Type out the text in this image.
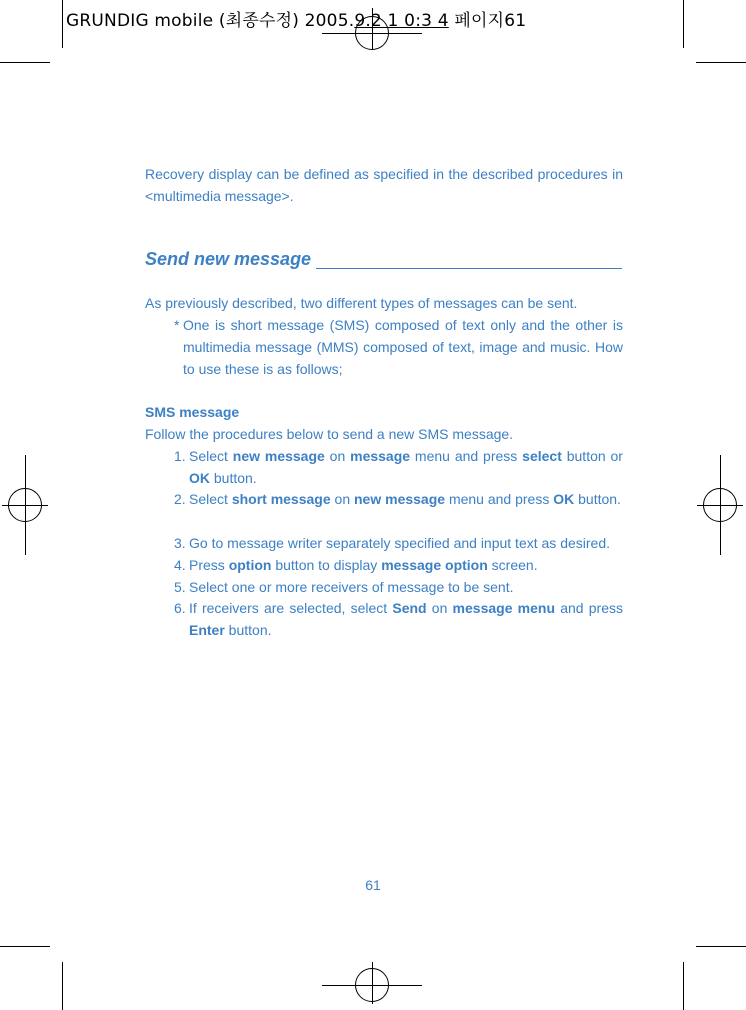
GRUNDIG mobile (최종수정) 2005.9.2 1 0:3 4 페이지61
Recovery display can be defined as specified in the described procedures in <multimedia message>.
Send new message
As previously described, two different types of messages can be sent.
* One is short message (SMS) composed of text only and the other is multimedia message (MMS) composed of text, image and music. How to use these is as follows;
SMS message
Follow the procedures below to send a new SMS message.
1. Select new message on message menu and press select button or OK button.
2. Select short message on new message menu and press OK button.
3. Go to message writer separately specified and input text as desired.
4. Press option button to display message option screen.
5. Select one or more receivers of message to be sent.
6. If receivers are selected, select Send on message menu and press Enter button.
61
